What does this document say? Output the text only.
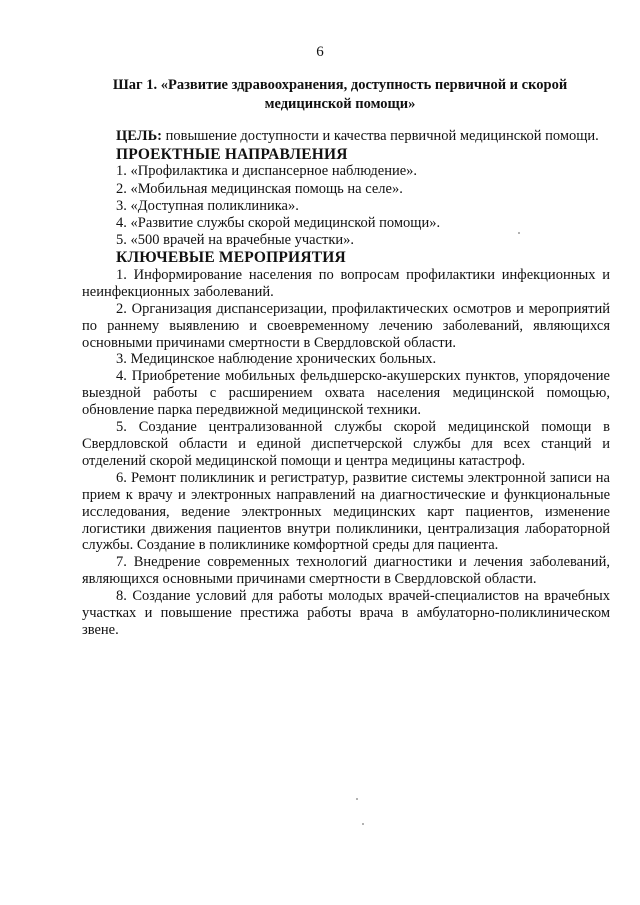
6
Шаг 1. «Развитие здравоохранения, доступность первичной и скорой
медицинской помощи»

ЦЕЛЬ: повышение доступности и качества первичной медицинской помощи.

ПРОЕКТНЫЕ НАПРАВЛЕНИЯ
1. «Профилактика и диспансерное наблюдение».
2. «Мобильная медицинская помощь на селе».
3. «Доступная поликлиника».
4. «Развитие службы скорой медицинской помощи».
5. «500 врачей на врачебные участки».
КЛЮЧЕВЫЕ МЕРОПРИЯТИЯ

1. Информирование населения по вопросам профилактики инфекционных и неинфекционных заболеваний.

2. Организация диспансеризации, профилактических осмотров и мероприятий по раннему выявлению и своевременному лечению заболеваний, являющихся основными причинами смертности в Свердловской области.

3. Медицинское наблюдение хронических больных.

4. Приобретение мобильных фельдшерско-акушерских пунктов, упорядочение выездной работы с расширением охвата населения медицинской помощью, обновление парка передвижной медицинской техники.

5. Создание централизованной службы скорой медицинской помощи в Свердловской области и единой диспетчерской службы для всех станций и отделений скорой медицинской помощи и центра медицины катастроф.

6. Ремонт поликлиник и регистратур, развитие системы электронной записи на прием к врачу и электронных направлений на диагностические и функциональные исследования, ведение электронных медицинских карт пациентов, изменение логистики движения пациентов внутри поликлиники, централизация лабораторной службы. Создание в поликлинике комфортной среды для пациента.

7. Внедрение современных технологий диагностики и лечения заболеваний, являющихся основными причинами смертности в Свердловской области.

8. Создание условий для работы молодых врачей-специалистов на врачебных участках и повышение престижа работы врача в амбулаторно-поликлиническом звене.
